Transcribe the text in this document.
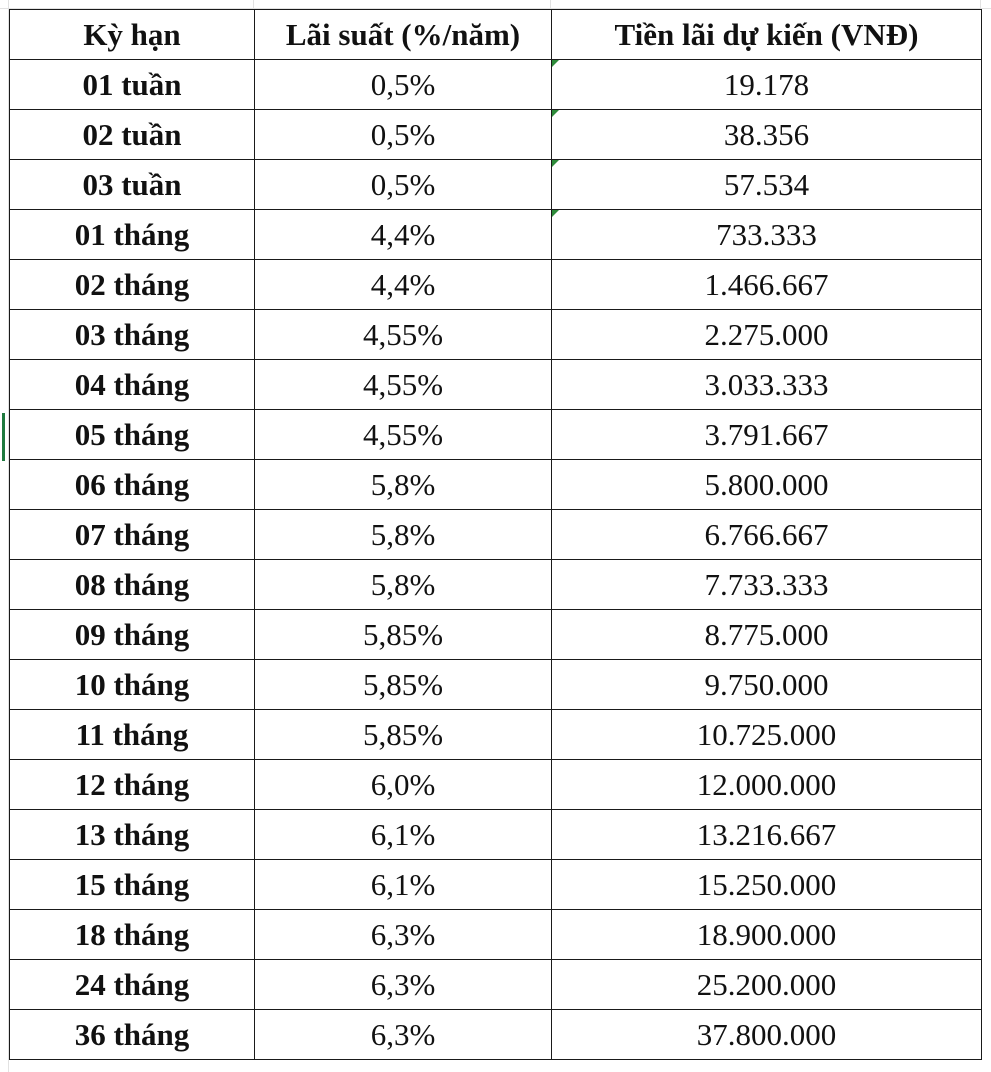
Kỳ hạn	Lãi suất (%/năm)	Tiền lãi dự kiến (VNĐ)
01 tuần	0,5%	19.178

02 tuần	0,5%	38.356

03 tuần	0,5%	57.534

01 tháng	4,4%	733.333

02 tháng	4,4%	1.466.667
03 tháng	4,55%	2.275.000
04 tháng	4,55%	3.033.333
05 tháng	4,55%	3.791.667
06 tháng	5,8%	5.800.000
07 tháng	5,8%	6.766.667
08 tháng	5,8%	7.733.333
09 tháng	5,85%	8.775.000
10 tháng	5,85%	9.750.000
11 tháng	5,85%	10.725.000
12 tháng	6,0%	12.000.000
13 tháng	6,1%	13.216.667
15 tháng	6,1%	15.250.000
18 tháng	6,3%	18.900.000
24 tháng	6,3%	25.200.000
36 tháng	6,3%	37.800.000
